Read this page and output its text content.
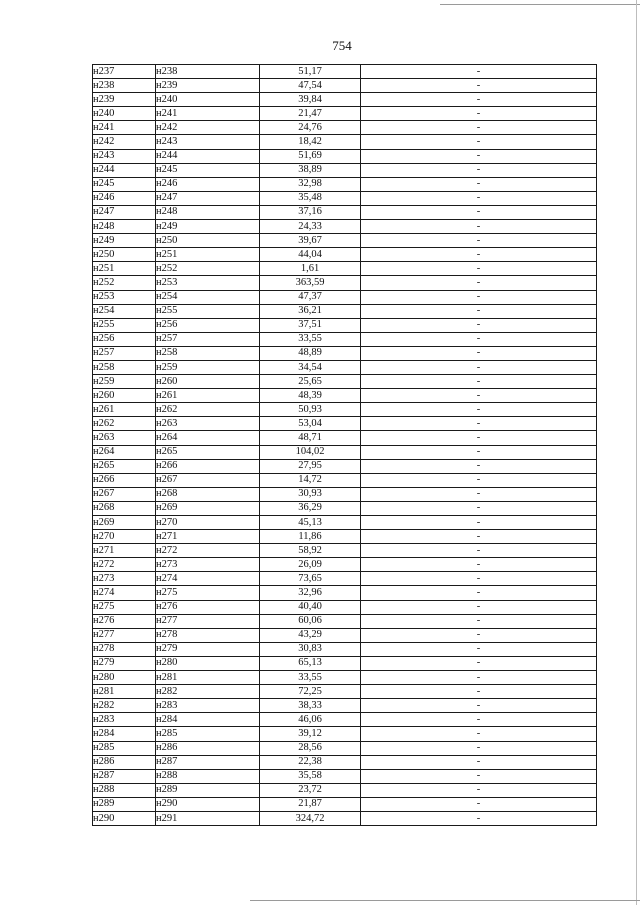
754
н237	н238	51,17	-
н238	н239	47,54	-
н239	н240	39,84	-
н240	н241	21,47	-
н241	н242	24,76	-
н242	н243	18,42	-
н243	н244	51,69	-
н244	н245	38,89	-
н245	н246	32,98	-
н246	н247	35,48	-
н247	н248	37,16	-
н248	н249	24,33	-
н249	н250	39,67	-
н250	н251	44,04	-
н251	н252	1,61	-
н252	н253	363,59	-
н253	н254	47,37	-
н254	н255	36,21	-
н255	н256	37,51	-
н256	н257	33,55	-
н257	н258	48,89	-
н258	н259	34,54	-
н259	н260	25,65	-
н260	н261	48,39	-
н261	н262	50,93	-
н262	н263	53,04	-
н263	н264	48,71	-
н264	н265	104,02	-
н265	н266	27,95	-
н266	н267	14,72	-
н267	н268	30,93	-
н268	н269	36,29	-
н269	н270	45,13	-
н270	н271	11,86	-
н271	н272	58,92	-
н272	н273	26,09	-
н273	н274	73,65	-
н274	н275	32,96	-
н275	н276	40,40	-
н276	н277	60,06	-
н277	н278	43,29	-
н278	н279	30,83	-
н279	н280	65,13	-
н280	н281	33,55	-
н281	н282	72,25	-
н282	н283	38,33	-
н283	н284	46,06	-
н284	н285	39,12	-
н285	н286	28,56	-
н286	н287	22,38	-
н287	н288	35,58	-
н288	н289	23,72	-
н289	н290	21,87	-
н290	н291	324,72	-
